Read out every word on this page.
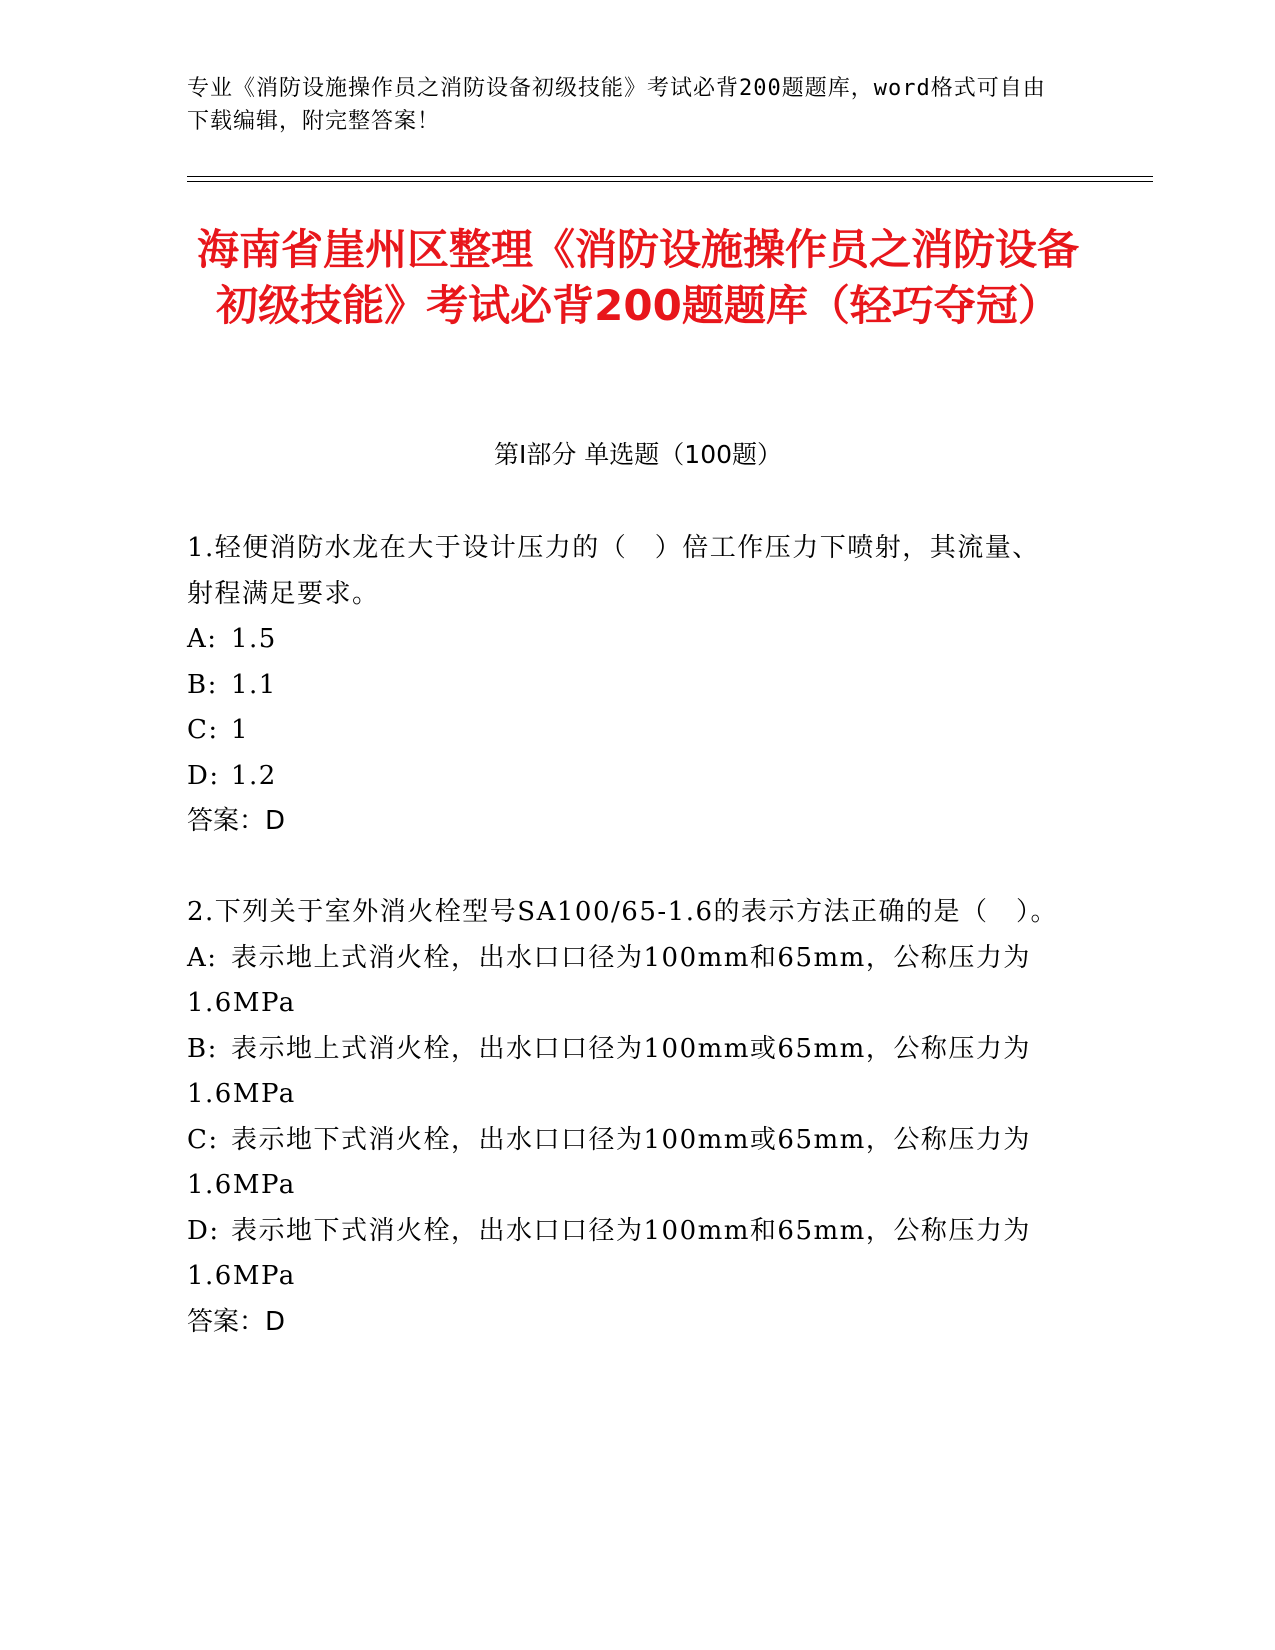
专业《消防设施操作员之消防设备初级技能》考试必背200题题库，word格式可自由下载编辑，附完整答案！
海南省崖州区整理《消防设施操作员之消防设备初级技能》考试必背200题题库（轻巧夺冠）
第I部分 单选题（100题）
1.轻便消防水龙在大于设计压力的（　）倍工作压力下喷射，其流量、射程满足要求。
A: 1.5
B: 1.1
C: 1
D: 1.2
答案：D
2.下列关于室外消火栓型号SA100/65-1.6的表示方法正确的是（　）。
A: 表示地上式消火栓，出水口口径为100mm和65mm，公称压力为1.6MPa
B: 表示地上式消火栓，出水口口径为100mm或65mm，公称压力为1.6MPa
C: 表示地下式消火栓，出水口口径为100mm或65mm，公称压力为1.6MPa
D: 表示地下式消火栓，出水口口径为100mm和65mm，公称压力为1.6MPa
答案：D
